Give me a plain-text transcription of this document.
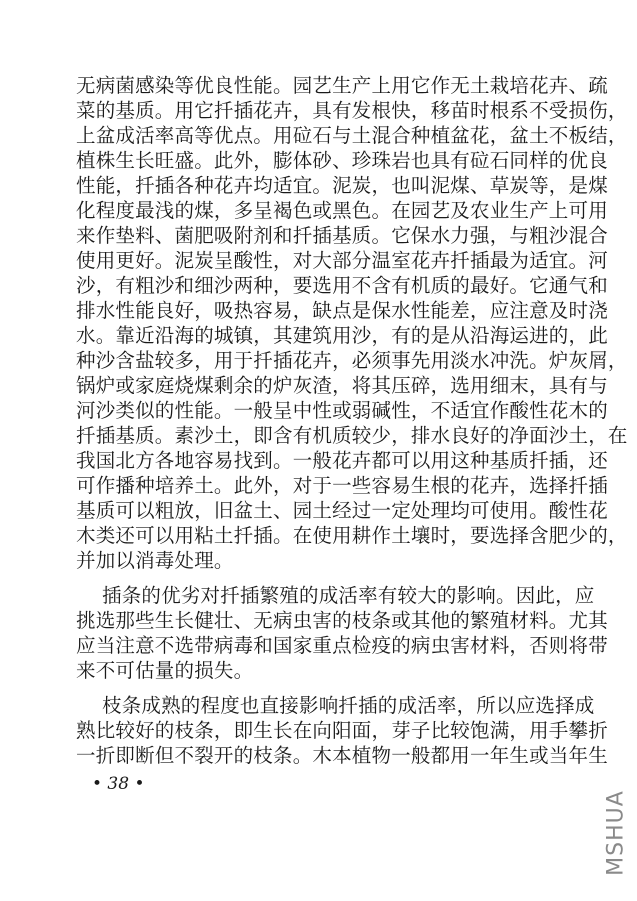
无病菌感染等优良性能。园艺生产上用它作无土栽培花卉、疏
菜的基质。用它扦插花卉，具有发根快，移苗时根系不受损伤，
上盆成活率高等优点。用砬石与土混合种植盆花，盆土不板结，
植株生长旺盛。此外，膨体砂、珍珠岩也具有砬石同样的优良
性能，扦插各种花卉均适宜。泥炭，也叫泥煤、草炭等，是煤
化程度最浅的煤，多呈褐色或黑色。在园艺及农业生产上可用
来作垫料、菌肥吸附剂和扦插基质。它保水力强，与粗沙混合
使用更好。泥炭呈酸性，对大部分温室花卉扦插最为适宜。河
沙，有粗沙和细沙两种，要选用不含有机质的最好。它通气和
排水性能良好，吸热容易，缺点是保水性能差，应注意及时浇
水。靠近沿海的城镇，其建筑用沙，有的是从沿海运进的，此
种沙含盐较多，用于扦插花卉，必须事先用淡水冲洗。炉灰屑，
锅炉或家庭烧煤剩余的炉灰渣，将其压碎，选用细末，具有与
河沙类似的性能。一般呈中性或弱碱性，不适宜作酸性花木的
扦插基质。素沙土，即含有机质较少，排水良好的净面沙土，在
我国北方各地容易找到。一般花卉都可以用这种基质扦插，还
可作播种培养土。此外，对于一些容易生根的花卉，选择扦插
基质可以粗放，旧盆土、园土经过一定处理均可使用。酸性花
木类还可以用粘土扦插。在使用耕作土壤时，要选择含肥少的，
并加以消毒处理。
插条的优劣对扦插繁殖的成活率有较大的影响。因此，应
挑选那些生长健壮、无病虫害的枝条或其他的繁殖材料。尤其
应当注意不选带病毒和国家重点检疫的病虫害材料，否则将带
来不可估量的损失。
枝条成熟的程度也直接影响扦插的成活率，所以应选择成
熟比较好的枝条，即生长在向阳面，芽子比较饱满，用手攀折
一折即断但不裂开的枝条。木本植物一般都用一年生或当年生
• 38 •
MSHUA
